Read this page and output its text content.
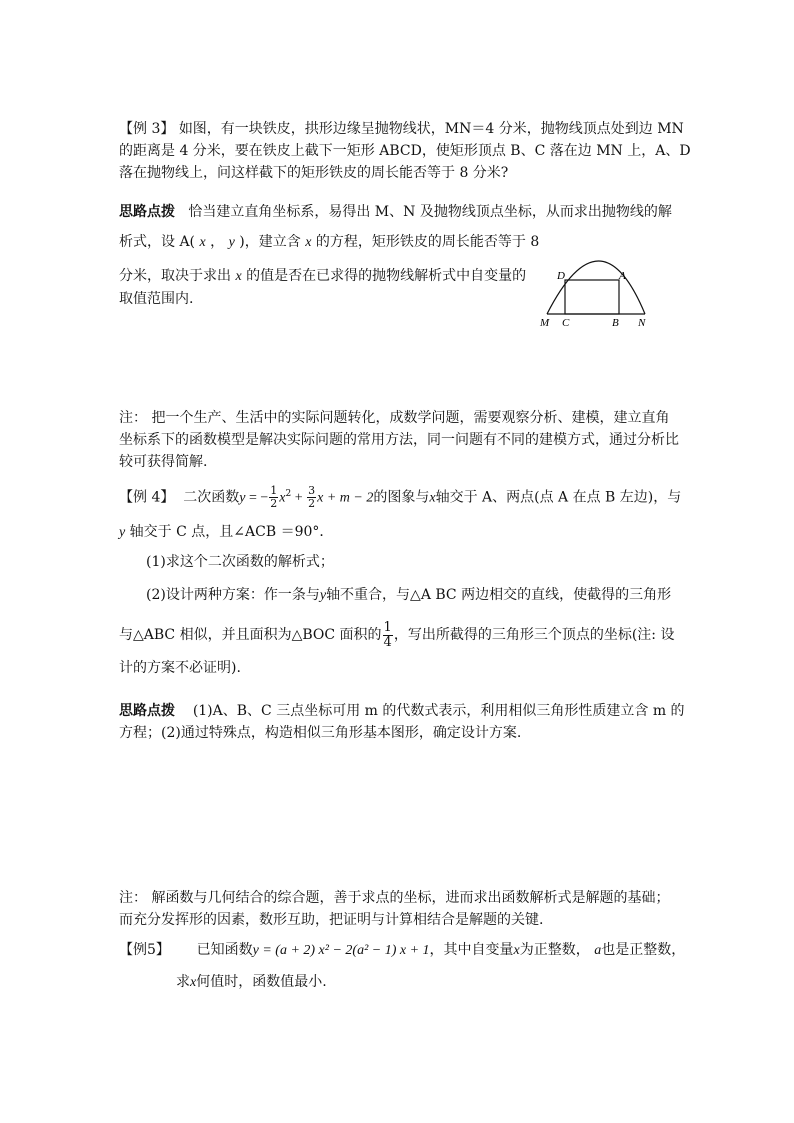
【例 3】 如图，有一块铁皮，拱形边缘呈抛物线状，MN＝4 分米，抛物线顶点处到边 MN
的距离是 4 分米，要在铁皮上截下一矩形 ABCD，使矩形顶点 B、C 落在边 MN 上，A、D
落在抛物线上，问这样截下的矩形铁皮的周长能否等于 8 分米?
思路点拨 恰当建立直角坐标系，易得出 M、N 及抛物线顶点坐标，从而求出抛物线的解
析式，设 A( x ， y )，建立含 x 的方程，矩形铁皮的周长能否等于 8
分米，取决于求出 x 的值是否在已求得的抛物线解析式中自变量的
取值范围内.
D	A
M C	B N
注： 把一个生产、生活中的实际问题转化，成数学问题，需要观察分析、建模，建立直角
坐标系下的函数模型是解决实际问题的常用方法，同一问题有不同的建模方式，通过分析比
较可获得简解.
【例 4】 二次函数y = − $\frac{1}{2} x^2 + \frac{3}{2}$ x + m − 2的图象与x轴交于 A、两点(点 A 在点 B 左边)，与
y 轴交于 C 点，且∠ACB ＝90°．
(1)求这个二次函数的解析式；
(2)设计两种方案：作一条与y轴不重合，与△A BC 两边相交的直线，使截得的三角形
与△ABC 相似，并且面积为△BOC 面积的 $\frac{1}{4}$ ，写出所截得的三角形三个顶点的坐标(注: 设
计的方案不必证明).
思路点拨 (1)A、B、C 三点坐标可用 m 的代数式表示，利用相似三角形性质建立含 m 的
方程；(2)通过特殊点，构造相似三角形基本图形，确定设计方案.
注： 解函数与几何结合的综合题，善于求点的坐标，进而求出函数解析式是解题的基础；
而充分发挥形的因素，数形互助，把证明与计算相结合是解题的关键.
【例5】 已知函数y = (a + 2) x² − 2(a² − 1) x + 1，其中自变量x为正整数， a也是正整数，
求x何值时，函数值最小.
